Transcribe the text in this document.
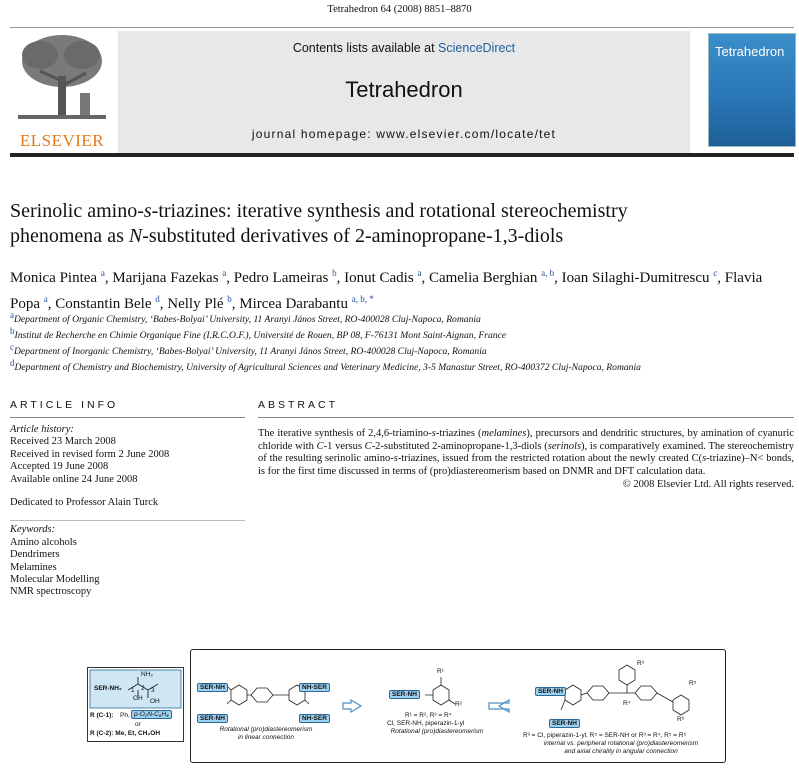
Tetrahedron 64 (2008) 8851–8870
ELSEVIER
Contents lists available at ScienceDirect
Tetrahedron
journal homepage: www.elsevier.com/locate/tet
Tetrahedron
Serinolic amino-s-triazines: iterative synthesis and rotational stereochemistry
phenomena as N-substituted derivatives of 2-aminopropane-1,3-diols
Monica Pintea $^a$, Marijana Fazekas $^a$, Pedro Lameiras $^b$, Ionut Cadis $^a$, Camelia Berghian $^{a, b}$, Ioan Silaghi-Dumitrescu $^c$, Flavia Popa $^a$, Constantin Bele $^d$, Nelly Plé $^b$, Mircea Darabantu $^{a, b, *}$
$^a$Department of Organic Chemistry, ‘Babes-Bolyai’ University, 11 Aranyi János Street, RO-400028 Cluj-Napoca, Romania
$^b$Institut de Recherche en Chimie Organique Fine (I.R.C.O.F.), Université de Rouen, BP 08, F-76131 Mont Saint-Aignan, France
$^c$Department of Inorganic Chemistry, ‘Babes-Bolyai’ University, 11 Aranyi János Street, RO-400028 Cluj-Napoca, Romania
$^d$Department of Chemistry and Biochemistry, University of Agricultural Sciences and Veterinary Medicine, 3-5 Manastur Street, RO-400372 Cluj-Napoca, Romania
ARTICLE INFO	ABSTRACT
Article history:
Received 23 March 2008
Received in revised form 2 June 2008
Accepted 19 June 2008
Available online 24 June 2008
Dedicated to Professor Alain Turck
Keywords:
Amino alcohols
Dendrimers
Melamines
Molecular Modelling
NMR spectroscopy
The iterative synthesis of 2,4,6-triamino-s-triazines (melamines), precursors and dendritic structures, by amination of cyanuric chloride with C-1 versus C-2-substituted 2-aminopropane-1,3-diols (serinols), is comparatively examined. The stereochemistry of the resulting serinolic amino-s-triazines, issued from the restricted rotation about the newly created C(s-triazine)–N< bonds, is for the first time discussed in terms of (pro)diastereomerism based on DNMR and DFT calculation data.
© 2008 Elsevier Ltd. All rights reserved.
SER-NH₂
NH₂
OH OH
1 2 3
R (C-1): Ph, p-O₂N-C₆H₄
or
R (C-2): Me, Et, CH₂OH
SER-NH
SER-NH
NH-SER
NH-SER
Rotational (pro)diastereomerism
in linear connection
R¹
R²
SER-NH
R¹ = R², R³ = R⁴
Cl, SER-NH, piperazin-1-yl
Rotational (pro)diastereomerism
SER-NH
SER-NH
R³
R⁴
R⁵
R⁶
R³ = Cl, piperazin-1-yl, R⁵ = SER-NH or R³ = R⁴, R⁵ = R⁶
internal vs. peripheral rotational (pro)diastereomerism
and axial chirality in angular connection
